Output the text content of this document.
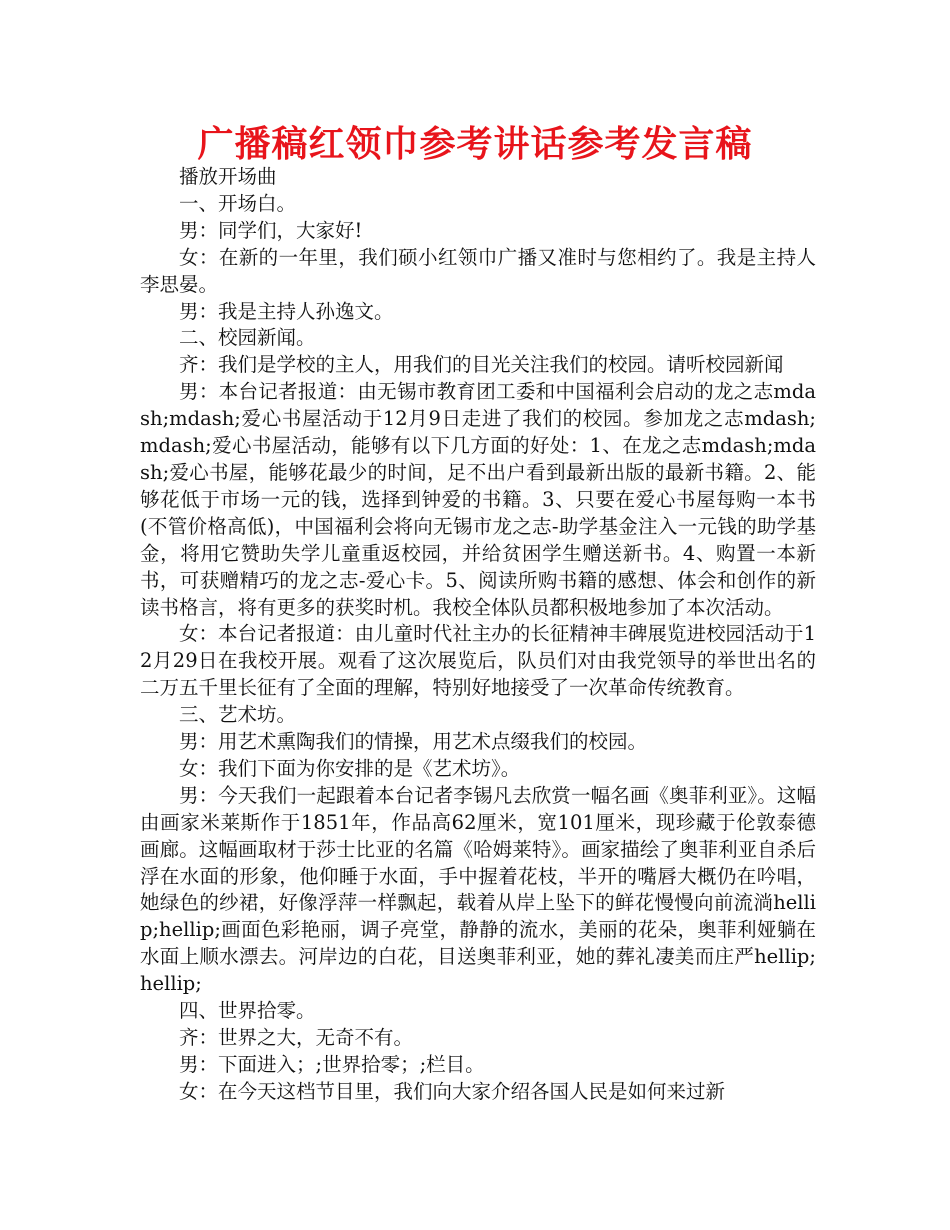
广播稿红领巾参考讲话参考发言稿

播放开场曲

一、开场白。

男：同学们，大家好!

女：在新的一年里，我们硕小红领巾广播又准时与您相约了。我是主持人李思晏。

男：我是主持人孙逸文。

二、校园新闻。

齐：我们是学校的主人，用我们的目光关注我们的校园。请听校园新闻

男：本台记者报道：由无锡市教育团工委和中国福利会启动的龙之志mdash;mdash;爱心书屋活动于12月9日走进了我们的校园。参加龙之志mdash;mdash;爱心书屋活动，能够有以下几方面的好处：1、在龙之志mdash;mdash;爱心书屋，能够花最少的时间，足不出户看到最新出版的最新书籍。2、能够花低于市场一元的钱，选择到钟爱的书籍。3、只要在爱心书屋每购一本书(不管价格高低)，中国福利会将向无锡市龙之志-助学基金注入一元钱的助学基金，将用它赞助失学儿童重返校园，并给贫困学生赠送新书。4、购置一本新书，可获赠精巧的龙之志-爱心卡。5、阅读所购书籍的感想、体会和创作的新读书格言，将有更多的获奖时机。我校全体队员都积极地参加了本次活动。

女：本台记者报道：由儿童时代社主办的长征精神丰碑展览进校园活动于12月29日在我校开展。观看了这次展览后，队员们对由我党领导的举世出名的二万五千里长征有了全面的理解，特别好地接受了一次革命传统教育。

三、艺术坊。

男：用艺术熏陶我们的情操，用艺术点缀我们的校园。

女：我们下面为你安排的是《艺术坊》。

男：今天我们一起跟着本台记者李锡凡去欣赏一幅名画《奥菲利亚》。这幅由画家米莱斯作于1851年，作品高62厘米，宽101厘米，现珍藏于伦敦泰德画廊。这幅画取材于莎士比亚的名篇《哈姆莱特》。画家描绘了奥菲利亚自杀后浮在水面的形象，他仰睡于水面，手中握着花枝，半开的嘴唇大概仍在吟唱，她绿色的纱裙，好像浮萍一样飘起，载着从岸上坠下的鲜花慢慢向前流淌hellip;hellip;画面色彩艳丽，调子亮堂，静静的流水，美丽的花朵，奥菲利娅躺在水面上顺水漂去。河岸边的白花，目送奥菲利亚，她的葬礼凄美而庄严hellip;hellip;

四、世界拾零。

齐：世界之大，无奇不有。

男：下面进入；;世界拾零；;栏目。

女：在今天这档节目里，我们向大家介绍各国人民是如何来过新
